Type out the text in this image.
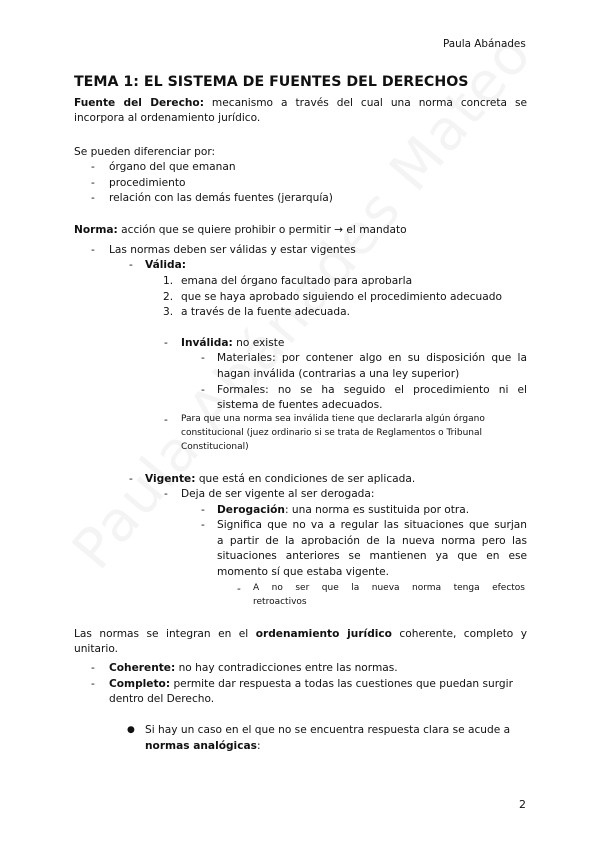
Paula Abánades
TEMA 1: EL SISTEMA DE FUENTES DEL DERECHOS
Fuente del Derecho: mecanismo a través del cual una norma concreta se
incorpora al ordenamiento jurídico.
Se pueden diferenciar por:
- órgano del que emanan
- procedimiento
- relación con las demás fuentes (jerarquía)
Norma: acción que se quiere prohibir o permitir → el mandato
- Las normas deben ser válidas y estar vigentes
- Válida:
1. emana del órgano facultado para aprobarla
2. que se haya aprobado siguiendo el procedimiento adecuado
3. a través de la fuente adecuada.
- Inválida: no existe
- Materiales: por contener algo en su disposición que la
hagan inválida (contrarias a una ley superior)
- Formales: no se ha seguido el procedimiento ni el
sistema de fuentes adecuados.
- Para que una norma sea inválida tiene que declararla algún órgano
constitucional (juez ordinario si se trata de Reglamentos o Tribunal
Constitucional)
- Vigente: que está en condiciones de ser aplicada.
- Deja de ser vigente al ser derogada:
- Derogación: una norma es sustituida por otra.
- Significa que no va a regular las situaciones que surjan
a partir de la aprobación de la nueva norma pero las
situaciones anteriores se mantienen ya que en ese
momento sí que estaba vigente.
- A no ser que la nueva norma tenga efectos
retroactivos
Las normas se integran en el ordenamiento jurídico coherente, completo y
unitario.
- Coherente: no hay contradicciones entre las normas.
- Completo: permite dar respuesta a todas las cuestiones que puedan surgir
dentro del Derecho.
● Si hay un caso en el que no se encuentra respuesta clara se acude a
normas analógicas:
2
